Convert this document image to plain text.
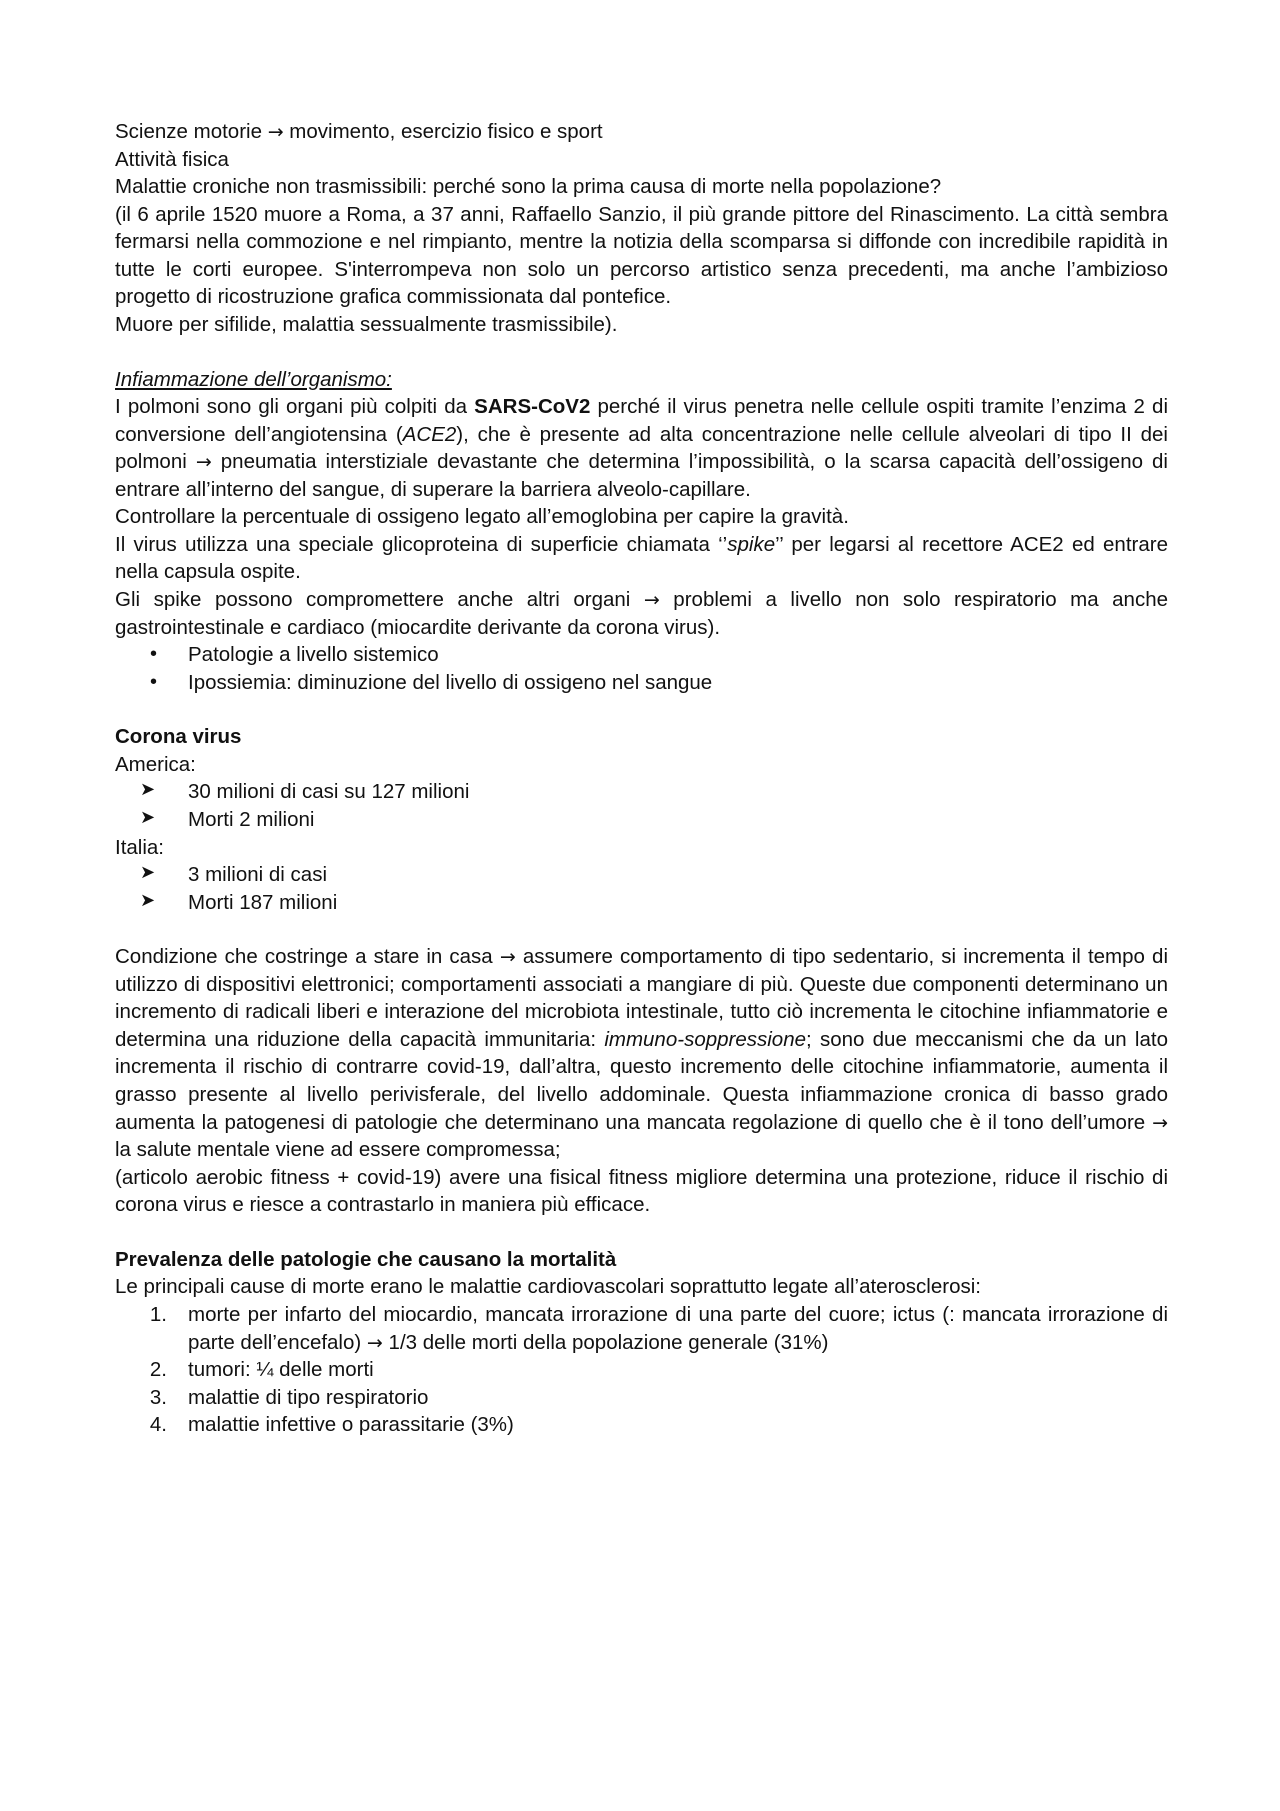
Scienze motorie → movimento, esercizio fisico e sport

Attività fisica

Malattie croniche non trasmissibili: perché sono la prima causa di morte nella popolazione?

(il 6 aprile 1520 muore a Roma, a 37 anni, Raffaello Sanzio, il più grande pittore del Rinascimento. La città sembra fermarsi nella commozione e nel rimpianto, mentre la notizia della scomparsa si diffonde con incredibile rapidità in tutte le corti europee. S'interrompeva non solo un percorso artistico senza precedenti, ma anche l’ambizioso progetto di ricostruzione grafica commissionata dal pontefice.

Muore per sifilide, malattia sessualmente trasmissibile).

Infiammazione dell’organismo:

I polmoni sono gli organi più colpiti da SARS-CoV2 perché il virus penetra nelle cellule ospiti tramite l’enzima 2 di conversione dell’angiotensina (ACE2), che è presente ad alta concentrazione nelle cellule alveolari di tipo II dei polmoni → pneumatia interstiziale devastante che determina l’impossibilità, o la scarsa capacità dell’ossigeno di entrare all’interno del sangue, di superare la barriera alveolo-capillare.

Controllare la percentuale di ossigeno legato all’emoglobina per capire la gravità.

Il virus utilizza una speciale glicoproteina di superficie chiamata ‘’spike’’ per legarsi al recettore ACE2 ed entrare nella capsula ospite.

Gli spike possono compromettere anche altri organi → problemi a livello non solo respiratorio ma anche gastrointestinale e cardiaco (miocardite derivante da corona virus).

• Patologie a livello sistemico
• Ipossiemia: diminuzione del livello di ossigeno nel sangue

Corona virus

America:

➤ 30 milioni di casi su 127 milioni
➤ Morti 2 milioni

Italia:

➤ 3 milioni di casi
➤ Morti 187 milioni

Condizione che costringe a stare in casa → assumere comportamento di tipo sedentario, si incrementa il tempo di utilizzo di dispositivi elettronici; comportamenti associati a mangiare di più. Queste due componenti determinano un incremento di radicali liberi e interazione del microbiota intestinale, tutto ciò incrementa le citochine infiammatorie e determina una riduzione della capacità immunitaria: immuno-soppressione; sono due meccanismi che da un lato incrementa il rischio di contrarre covid-19, dall’altra, questo incremento delle citochine infiammatorie, aumenta il grasso presente al livello perivisferale, del livello addominale. Questa infiammazione cronica di basso grado aumenta la patogenesi di patologie che determinano una mancata regolazione di quello che è il tono dell’umore → la salute mentale viene ad essere compromessa;

(articolo aerobic fitness + covid-19) avere una fisical fitness migliore determina una protezione, riduce il rischio di corona virus e riesce a contrastarlo in maniera più efficace.

Prevalenza delle patologie che causano la mortalità

Le principali cause di morte erano le malattie cardiovascolari soprattutto legate all’aterosclerosi:

1. morte per infarto del miocardio, mancata irrorazione di una parte del cuore; ictus (: mancata irrorazione di parte dell’encefalo) → 1/3 delle morti della popolazione generale (31%)
2. tumori: ¼ delle morti
3. malattie di tipo respiratorio
4. malattie infettive o parassitarie (3%)
